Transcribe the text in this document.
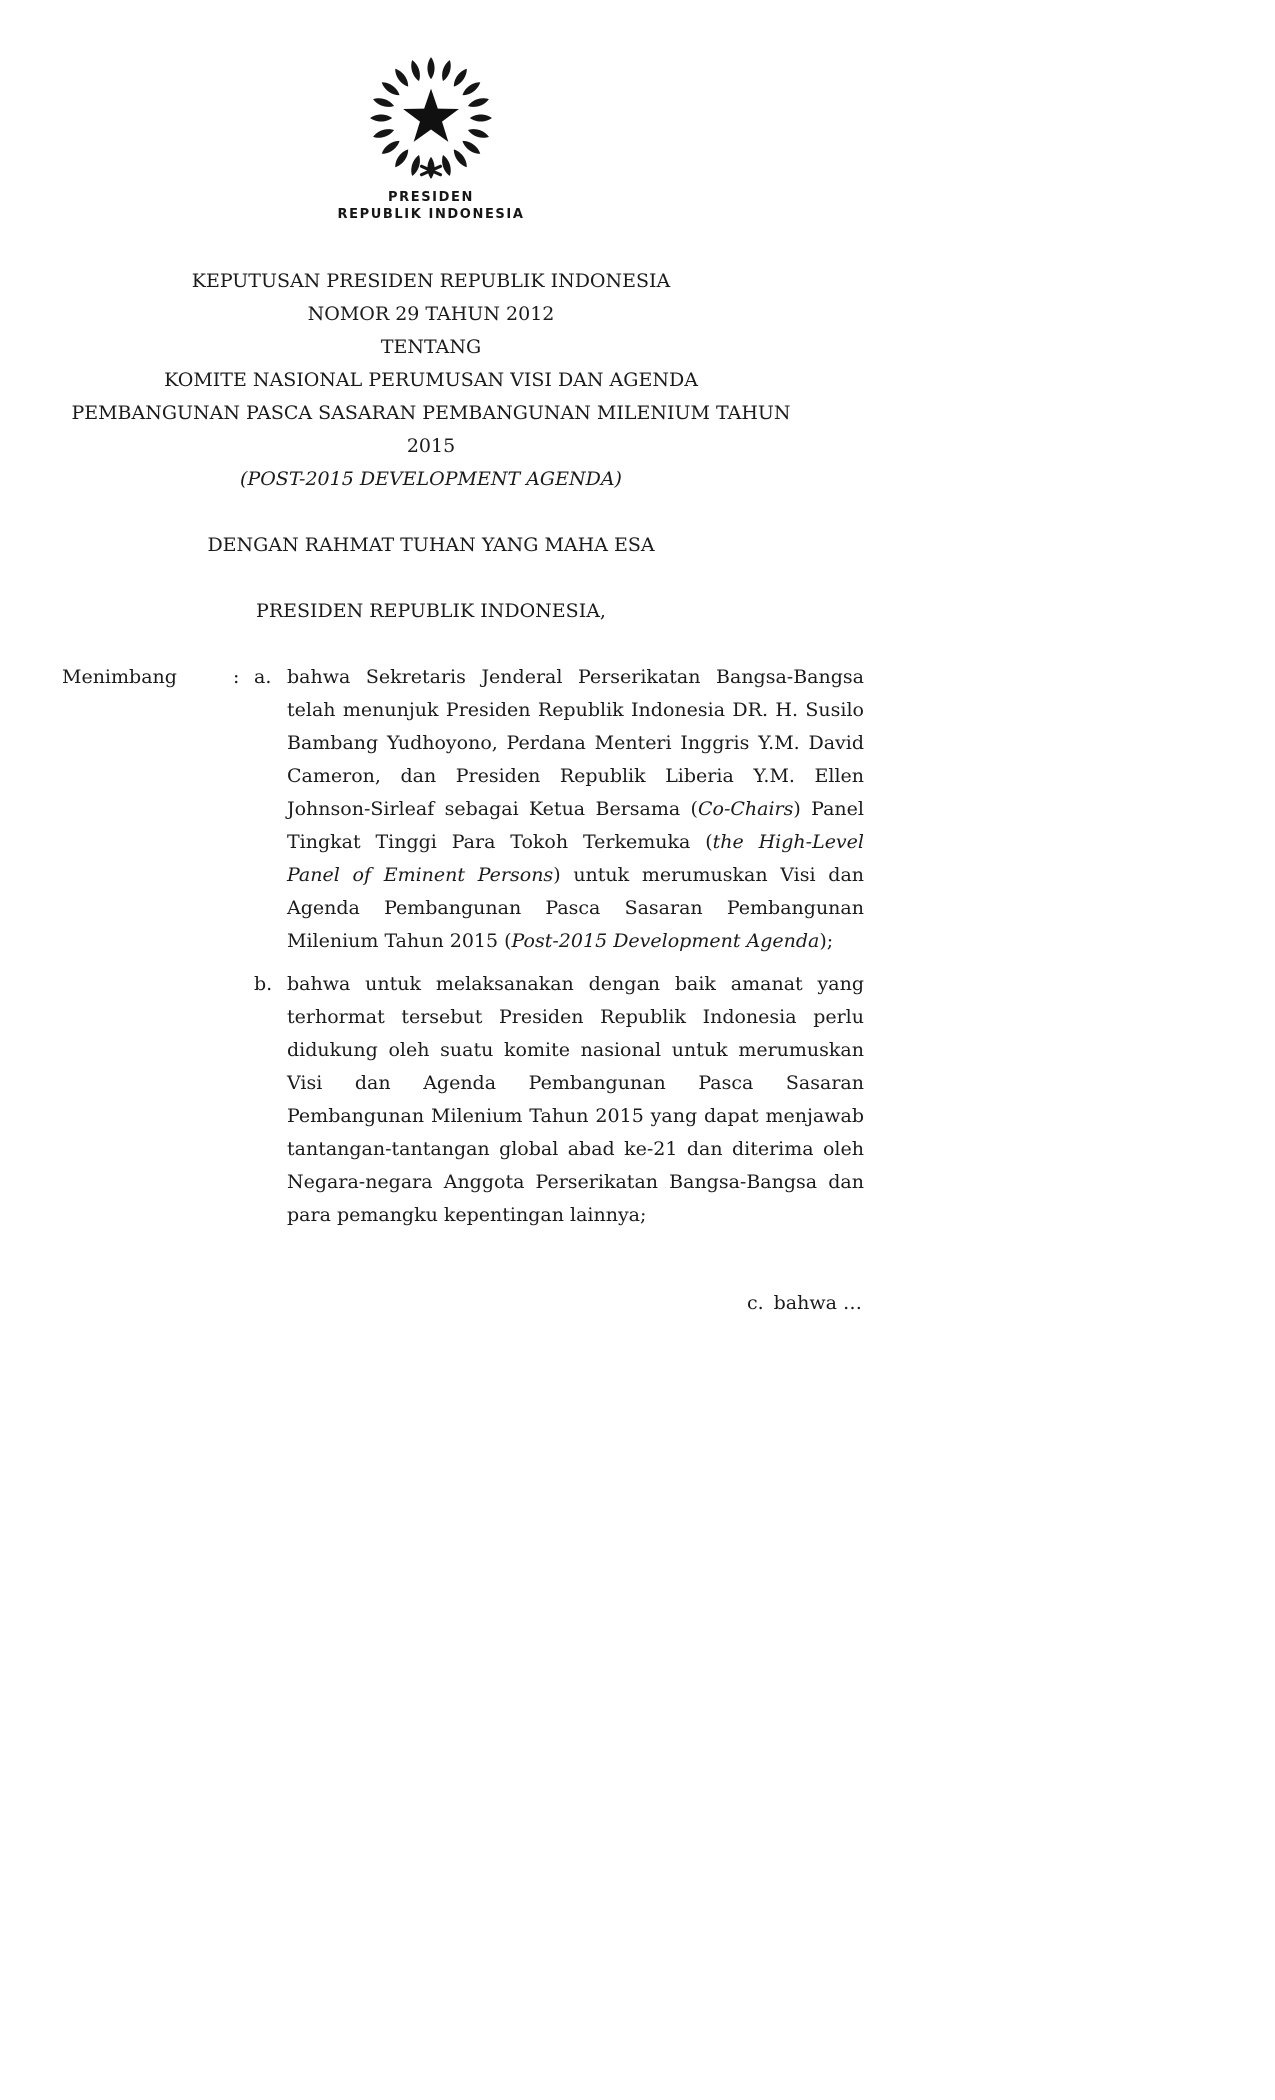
PRESIDEN
REPUBLIK INDONESIA
KEPUTUSAN PRESIDEN REPUBLIK INDONESIA
NOMOR 29 TAHUN 2012
TENTANG
KOMITE NASIONAL PERUMUSAN VISI DAN AGENDA
PEMBANGUNAN PASCA SASARAN PEMBANGUNAN MILENIUM TAHUN 2015
(POST-2015 DEVELOPMENT AGENDA)
DENGAN RAHMAT TUHAN YANG MAHA ESA
PRESIDEN REPUBLIK INDONESIA,
Menimbang	: a. bahwa Sekretaris Jenderal Perserikatan Bangsa-Bangsa telah menunjuk Presiden Republik Indonesia DR. H. Susilo Bambang Yudhoyono, Perdana Menteri Inggris Y.M. David Cameron, dan Presiden Republik Liberia Y.M. Ellen Johnson-Sirleaf sebagai Ketua Bersama (Co-Chairs) Panel Tingkat Tinggi Para Tokoh Terkemuka (the High-Level Panel of Eminent Persons) untuk merumuskan Visi dan Agenda Pembangunan Pasca Sasaran Pembangunan Milenium Tahun 2015 (Post-2015 Development Agenda);
b. bahwa untuk melaksanakan dengan baik amanat yang terhormat tersebut Presiden Republik Indonesia perlu didukung oleh suatu komite nasional untuk merumuskan Visi dan Agenda Pembangunan Pasca Sasaran Pembangunan Milenium Tahun 2015 yang dapat menjawab tantangan-tantangan global abad ke-21 dan diterima oleh Negara-negara Anggota Perserikatan Bangsa-Bangsa dan para pemangku kepentingan lainnya;
c. bahwa …
